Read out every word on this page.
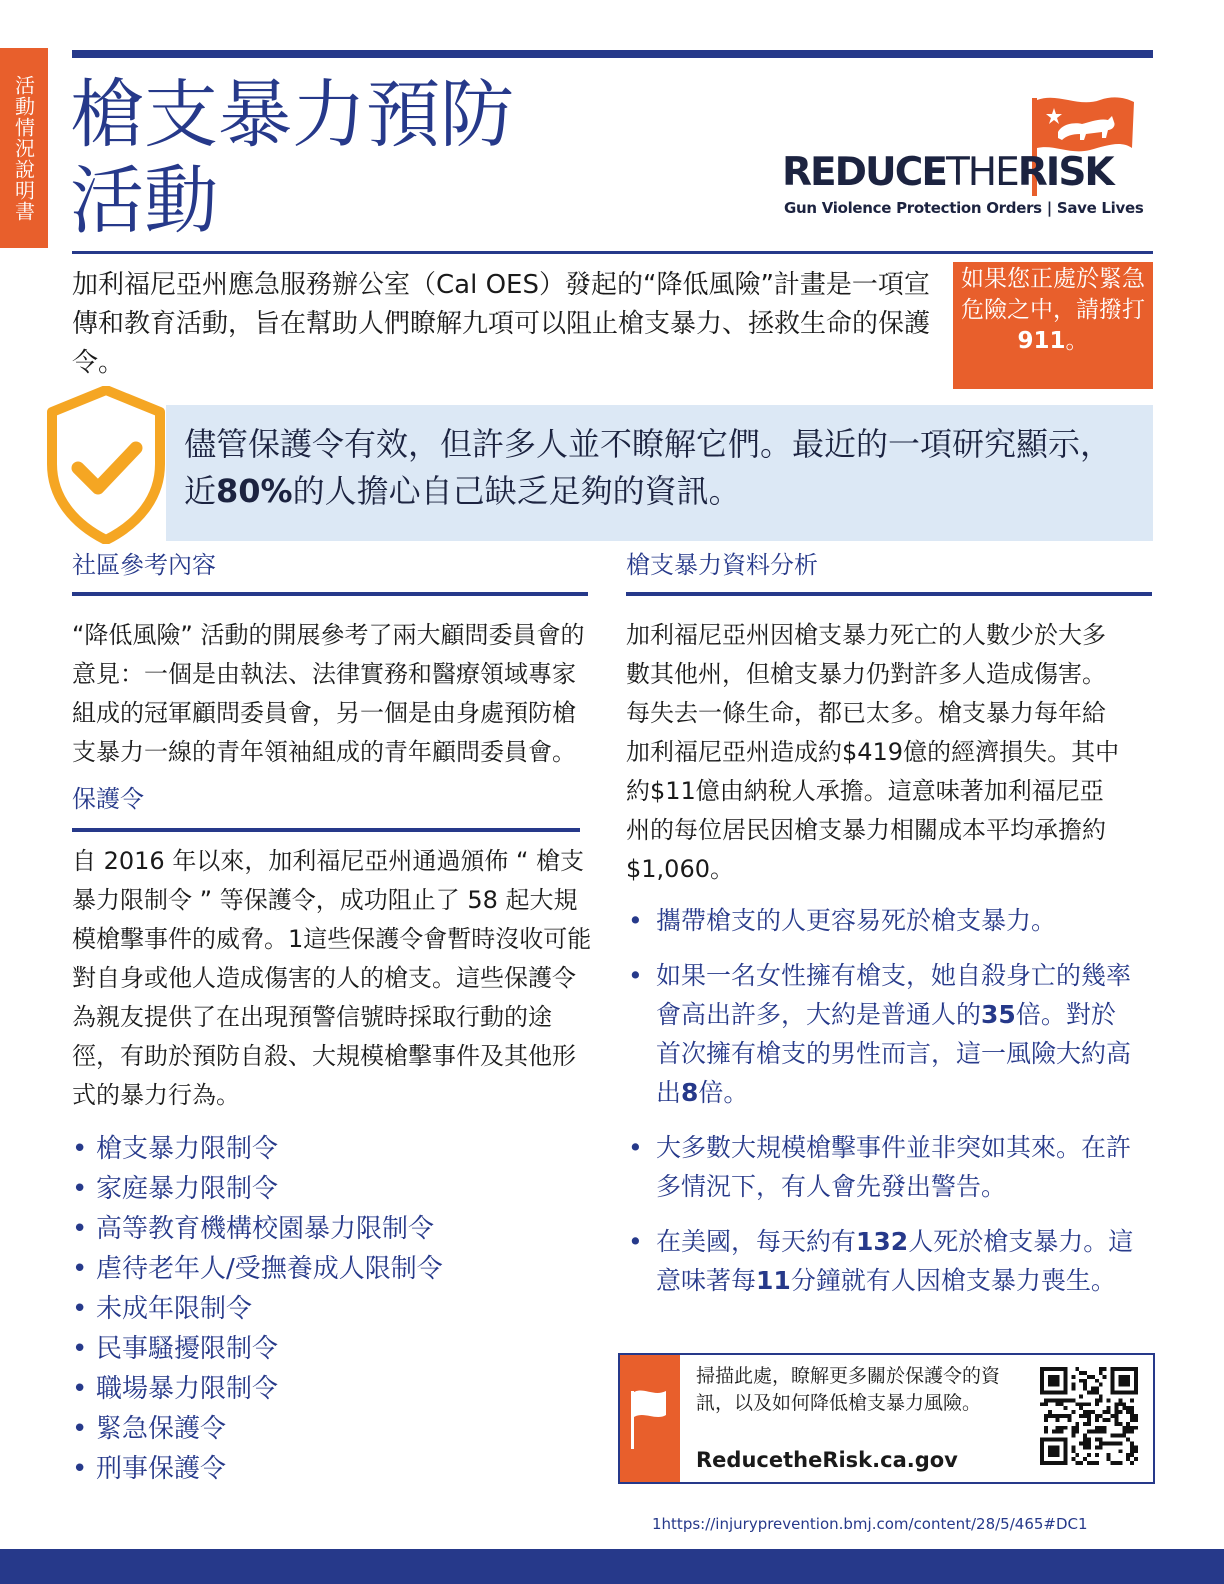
活動情況說明書 槍支暴力預防
活動	REDUCETHERISK
Gun Violence Protection Orders | Save Lives

加利福尼亞州應急服務辦公室（Cal OES）發起的“降低風險”計畫是一項宣傳和教育活動，旨在幫助人們瞭解九項可以阻止槍支暴力、拯救生命的保護令。

如果您正處於緊急危險之中，請撥打
911。
儘管保護令有效，但許多人並不瞭解它們。最近的一項研究顯示，近80%的人擔心自己缺乏足夠的資訊。
社區參考內容

“降低風險” 活動的開展參考了兩大顧問委員會的意見：一個是由執法、法律實務和醫療領域專家組成的冠軍顧問委員會，另一個是由身處預防槍支暴力一線的青年領袖組成的青年顧問委員會。

保護令

自 2016 年以來，加利福尼亞州通過頒佈 “ 槍支暴力限制令 ” 等保護令，成功阻止了 58 起大規模槍擊事件的威脅。1這些保護令會暫時沒收可能對自身或他人造成傷害的人的槍支。這些保護令為親友提供了在出現預警信號時採取行動的途徑，有助於預防自殺、大規模槍擊事件及其他形式的暴力行為。

• 槍支暴力限制令
• 家庭暴力限制令
• 高等教育機構校園暴力限制令
• 虐待老年人/受撫養成人限制令
• 未成年限制令
• 民事騷擾限制令
• 職場暴力限制令
• 緊急保護令
• 刑事保護令
槍支暴力資料分析

加利福尼亞州因槍支暴力死亡的人數少於大多數其他州，但槍支暴力仍對許多人造成傷害。每失去一條生命，都已太多。槍支暴力每年給加利福尼亞州造成約$419億的經濟損失。其中約$11億由納稅人承擔。這意味著加利福尼亞州的每位居民因槍支暴力相關成本平均承擔約$1,060。

• 攜帶槍支的人更容易死於槍支暴力。
• 如果一名女性擁有槍支，她自殺身亡的幾率會高出許多，大約是普通人的35倍。對於首次擁有槍支的男性而言，這一風險大約高出8倍。
• 大多數大規模槍擊事件並非突如其來。在許多情況下，有人會先發出警告。
• 在美國，每天約有132人死於槍支暴力。這意味著每11分鐘就有人因槍支暴力喪生。
掃描此處，瞭解更多關於保護令的資訊，以及如何降低槍支暴力風險。
ReducetheRisk.ca.gov
1https://injuryprevention.bmj.com/content/28/5/465#DC1
